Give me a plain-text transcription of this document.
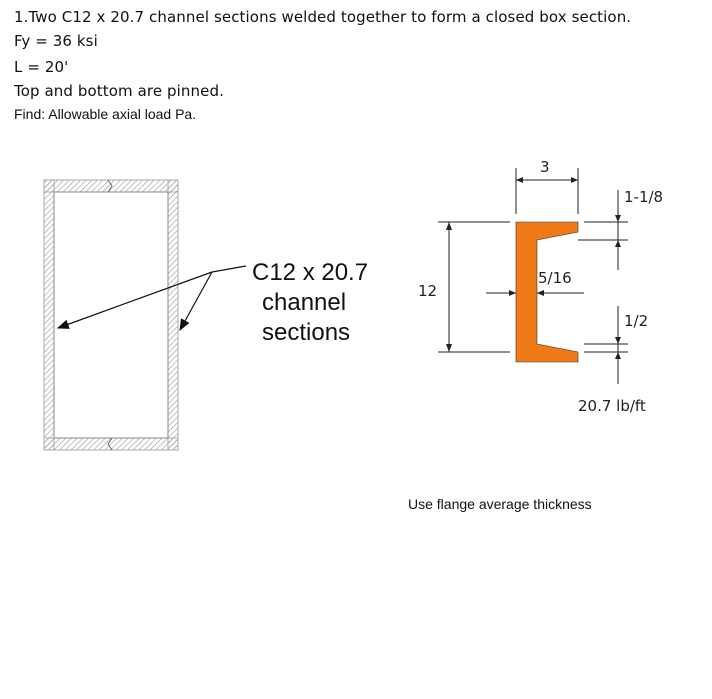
1.Two C12 x 20.7 channel sections welded together to form a closed box section.

Fy = 36 ksi

L = 20'

Top and bottom are pinned.

Find: Allowable axial load Pa.

3
12
5/16
1-1/8
1/2
20.7 lb/ft
C12 x 20.7
channel
sections

Use flange average thickness
